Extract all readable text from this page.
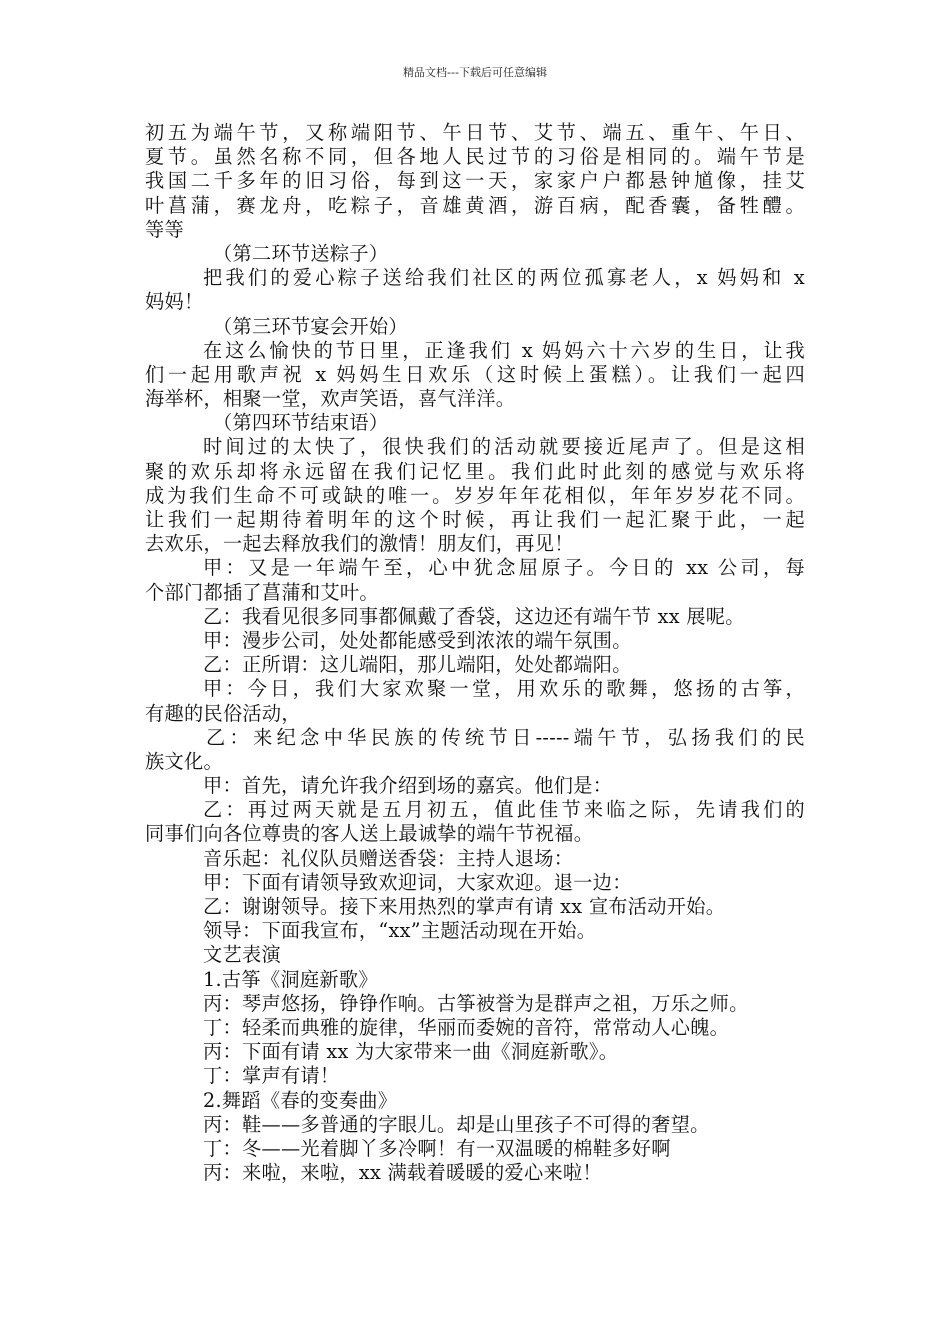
精品文档---下载后可任意编辑
初五为端午节，又称端阳节、午日节、艾节、端五、重午、午日、
夏节。虽然名称不同，但各地人民过节的习俗是相同的。端午节是
我国二千多年的旧习俗，每到这一天，家家户户都悬钟馗像，挂艾
叶菖蒲，赛龙舟，吃粽子，音雄黄酒，游百病，配香囊，备牲醴。
等等
（第二环节送粽子）
把我们的爱心粽子送给我们社区的两位孤寡老人，x 妈妈和 x
妈妈！
（第三环节宴会开始）
在这么愉快的节日里，正逢我们 x 妈妈六十六岁的生日，让我
们一起用歌声祝 x 妈妈生日欢乐（这时候上蛋糕）。让我们一起四
海举杯，相聚一堂，欢声笑语，喜气洋洋。
（第四环节结束语）
时间过的太快了，很快我们的活动就要接近尾声了。但是这相
聚的欢乐却将永远留在我们记忆里。我们此时此刻的感觉与欢乐将
成为我们生命不可或缺的唯一。岁岁年年花相似，年年岁岁花不同。
让我们一起期待着明年的这个时候，再让我们一起汇聚于此，一起
去欢乐，一起去释放我们的激情！朋友们，再见！
甲：又是一年端午至，心中犹念屈原子。今日的 xx 公司，每
个部门都插了菖蒲和艾叶。
乙：我看见很多同事都佩戴了香袋，这边还有端午节 xx 展呢。
甲：漫步公司，处处都能感受到浓浓的端午氛围。
乙：正所谓：这儿端阳，那儿端阳，处处都端阳。
甲：今日，我们大家欢聚一堂，用欢乐的歌舞，悠扬的古筝，
有趣的民俗活动，
乙：来纪念中华民族的传统节日-----端午节，弘扬我们的民
族文化。
甲：首先，请允许我介绍到场的嘉宾。他们是：
乙：再过两天就是五月初五，值此佳节来临之际，先请我们的
同事们向各位尊贵的客人送上最诚挚的端午节祝福。
音乐起：礼仪队员赠送香袋：主持人退场：
甲：下面有请领导致欢迎词，大家欢迎。退一边：
乙：谢谢领导。接下来用热烈的掌声有请 xx 宣布活动开始。
领导：下面我宣布，“xx”主题活动现在开始。
文艺表演
1.古筝《洞庭新歌》
丙：琴声悠扬，铮铮作响。古筝被誉为是群声之祖，万乐之师。
丁：轻柔而典雅的旋律，华丽而委婉的音符，常常动人心魄。
丙：下面有请 xx 为大家带来一曲《洞庭新歌》。
丁：掌声有请！
2.舞蹈《春的变奏曲》
丙：鞋——多普通的字眼儿。却是山里孩子不可得的奢望。
丁：冬——光着脚丫多冷啊！有一双温暖的棉鞋多好啊
丙：来啦，来啦，xx 满载着暖暖的爱心来啦！
